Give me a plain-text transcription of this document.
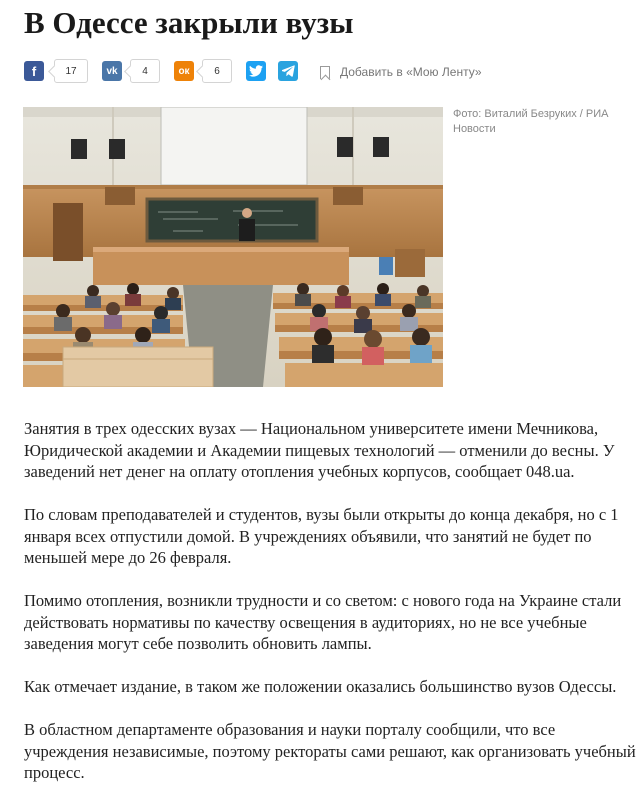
В Одессе закрыли вузы
f	17	vk	4	ок	6	Добавить в «Мою Ленту»
Фото: Виталий Безруких / РИА Новости

Занятия в трех одесских вузах — Национальном университете имени Мечникова, Юридической академии и Академии пищевых технологий — отменили до весны. У заведений нет денег на оплату отопления учебных корпусов, сообщает 048.ua.

По словам преподавателей и студентов, вузы были открыты до конца декабря, но с 1 января всех отпустили домой. В учреждениях объявили, что занятий не будет по меньшей мере до 26 февраля.

Помимо отопления, возникли трудности и со светом: с нового года на Украине стали действовать нормативы по качеству освещения в аудиториях, но не все учебные заведения могут себе позволить обновить лампы.

Как отмечает издание, в таком же положении оказались большинство вузов Одессы.

В областном департаменте образования и науки порталу сообщили, что все учреждения независимые, поэтому ректораты сами решают, как организовать учебный процесс.
